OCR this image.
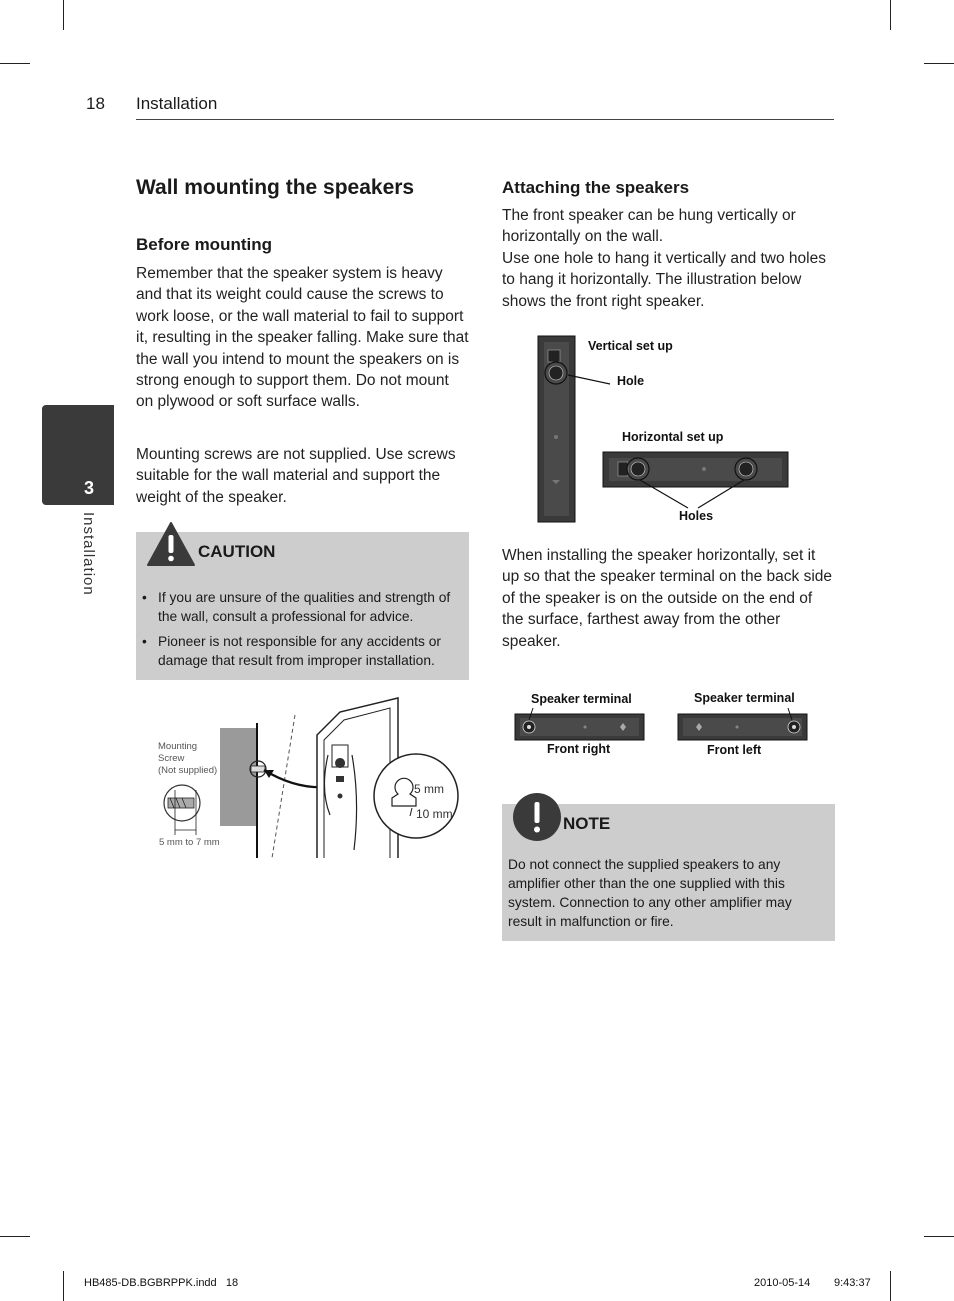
18 Installation
3
Installation
Wall mounting the speakers
Before mounting

Remember that the speaker system is heavy and that its weight could cause the screws to work loose, or the wall material to fail to support it, resulting in the speaker falling. Make sure that the wall you intend to mount the speakers on is strong enough to support them. Do not mount on plywood or soft surface walls.

Mounting screws are not supplied. Use screws suitable for the wall material and support the weight of the speaker.

CAUTION
• If you are unsure of the qualities and strength of the wall, consult a professional for advice.
• Pioneer is not responsible for any accidents or damage that result from improper installation.
Mounting
Screw
(Not supplied)
5 mm to 7 mm
5 mm
10 mm
Attaching the speakers

The front speaker can be hung vertically or horizontally on the wall.
Use one hole to hang it vertically and two holes to hang it horizontally. The illustration below shows the front right speaker.

Vertical set up
Hole
Horizontal set up
Holes

When installing the speaker horizontally, set it up so that the speaker terminal on the back side of the speaker is on the outside on the end of the surface, farthest away from the other speaker.

Speaker terminal	Speaker terminal
Front right	Front left
NOTE

Do not connect the supplied speakers to any amplifier other than the one supplied with this system. Connection to any other amplifier may result in malfunction or fire.

HB485-DB.BGBRPPK.indd   18	2010-05-14 9:43:37
